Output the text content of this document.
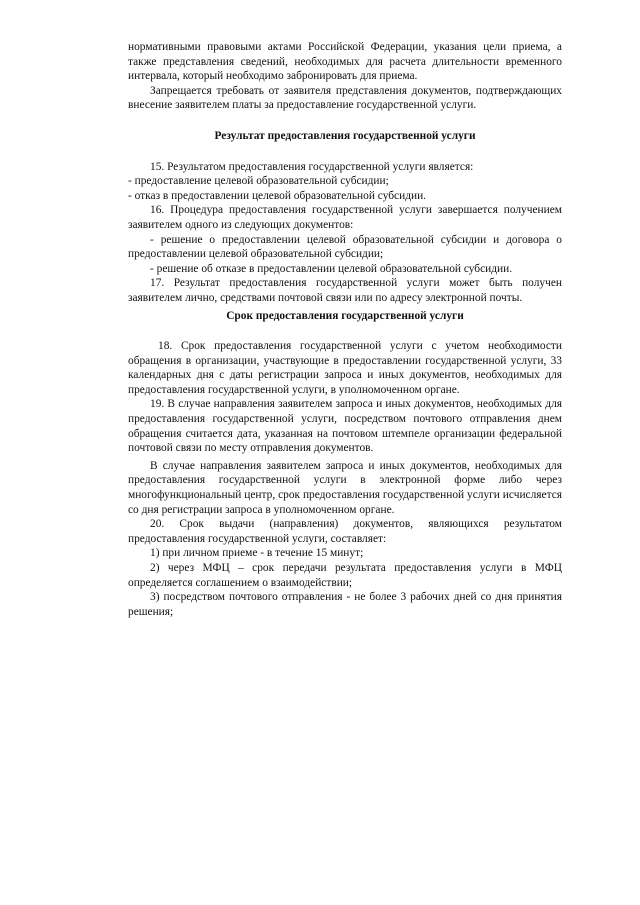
нормативными правовыми актами Российской Федерации, указания цели приема, а также представления сведений, необходимых для расчета длительности временного интервала, который необходимо забронировать для приема.

Запрещается требовать от заявителя представления документов, подтверждающих внесение заявителем платы за предоставление государственной услуги.

Результат предоставления государственной услуги

15. Результатом предоставления государственной услуги является:

- предоставление целевой образовательной субсидии;

- отказ в предоставлении целевой образовательной субсидии.

16. Процедура предоставления государственной услуги завершается получением заявителем одного из следующих документов:

- решение о предоставлении целевой образовательной субсидии и договора о предоставлении целевой образовательной субсидии;

- решение об отказе в предоставлении целевой образовательной субсидии.

17. Результат предоставления государственной услуги может быть получен заявителем лично, средствами почтовой связи или по адресу электронной почты.

Срок предоставления государственной услуги

18. Срок предоставления государственной услуги с учетом необходимости обращения в организации, участвующие в предоставлении государственной услуги, 33 календарных дня с даты регистрации запроса и иных документов, необходимых для предоставления государственной услуги, в уполномоченном органе.

19. В случае направления заявителем запроса и иных документов, необходимых для предоставления государственной услуги, посредством почтового отправления днем обращения считается дата, указанная на почтовом штемпеле организации федеральной почтовой связи по месту отправления документов.

В случае направления заявителем запроса и иных документов, необходимых для предоставления государственной услуги в электронной форме либо через многофункциональный центр, срок предоставления государственной услуги исчисляется со дня регистрации запроса в уполномоченном органе.

20. Срок выдачи (направления) документов, являющихся результатом предоставления государственной услуги, составляет:

1) при личном приеме - в течение 15 минут;

2) через МФЦ – срок передачи результата предоставления услуги в МФЦ определяется соглашением о взаимодействии;

3) посредством почтового отправления - не более 3 рабочих дней со дня принятия решения;
